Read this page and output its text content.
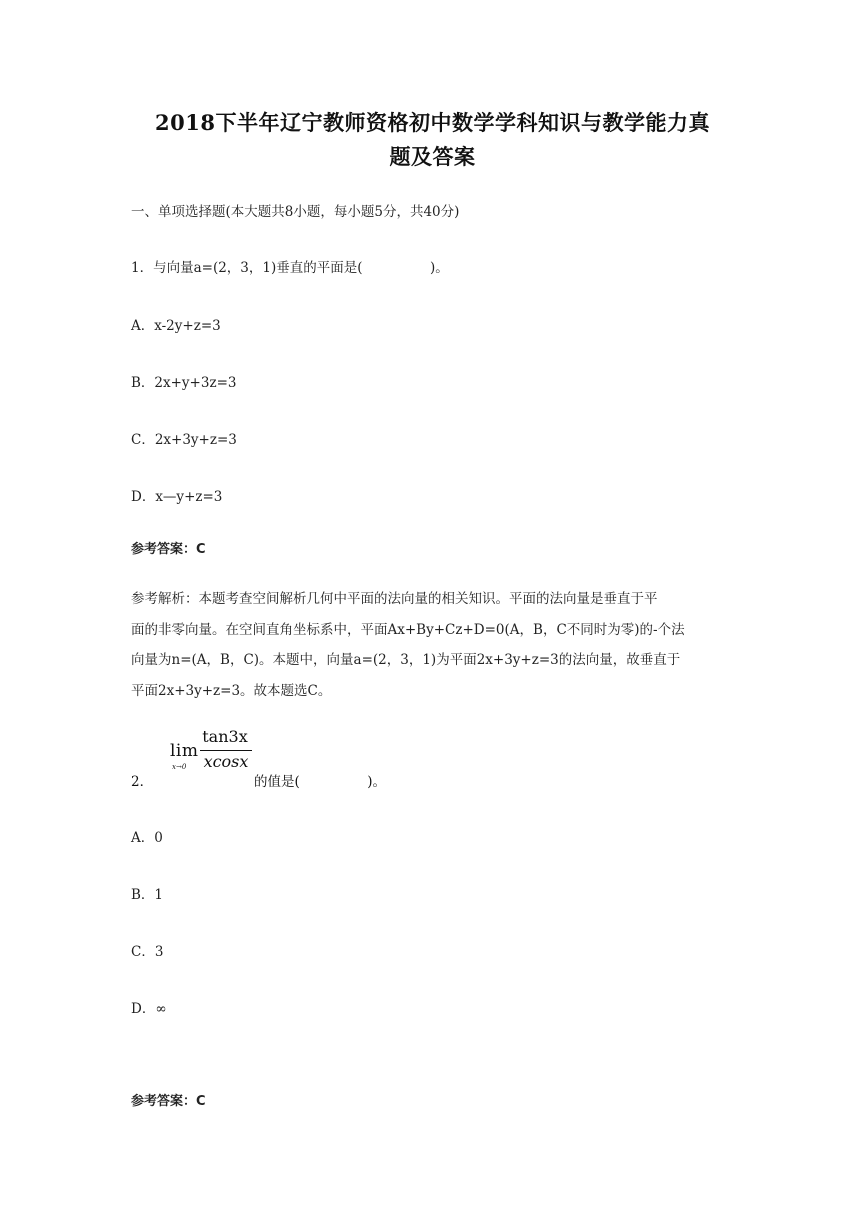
2018下半年辽宁教师资格初中数学学科知识与教学能力真
题及答案
一、单项选择题(本大题共8小题，每小题5分，共40分)
1．与向量a=(2，3，1)垂直的平面是(　　　　　)。
A．x-2y+z=3
B．2x+y+3z=3
C．2x+3y+z=3
D．x—y+z=3
参考答案：C
参考解析：本题考查空间解析几何中平面的法向量的相关知识。平面的法向量是垂直于平
面的非零向量。在空间直角坐标系中，平面Ax+By+Cz+D=0(A，B，C不同时为零)的-个法
向量为n=(A，B，C)。本题中，向量a=(2，3，1)为平面2x+3y+z=3的法向量，故垂直于
平面2x+3y+z=3。故本题选C。
2．
lim
x→0
tan3x
xcosx
的值是(　　　　　)。
A．0
B．1
C．3
D．∞
参考答案：C
